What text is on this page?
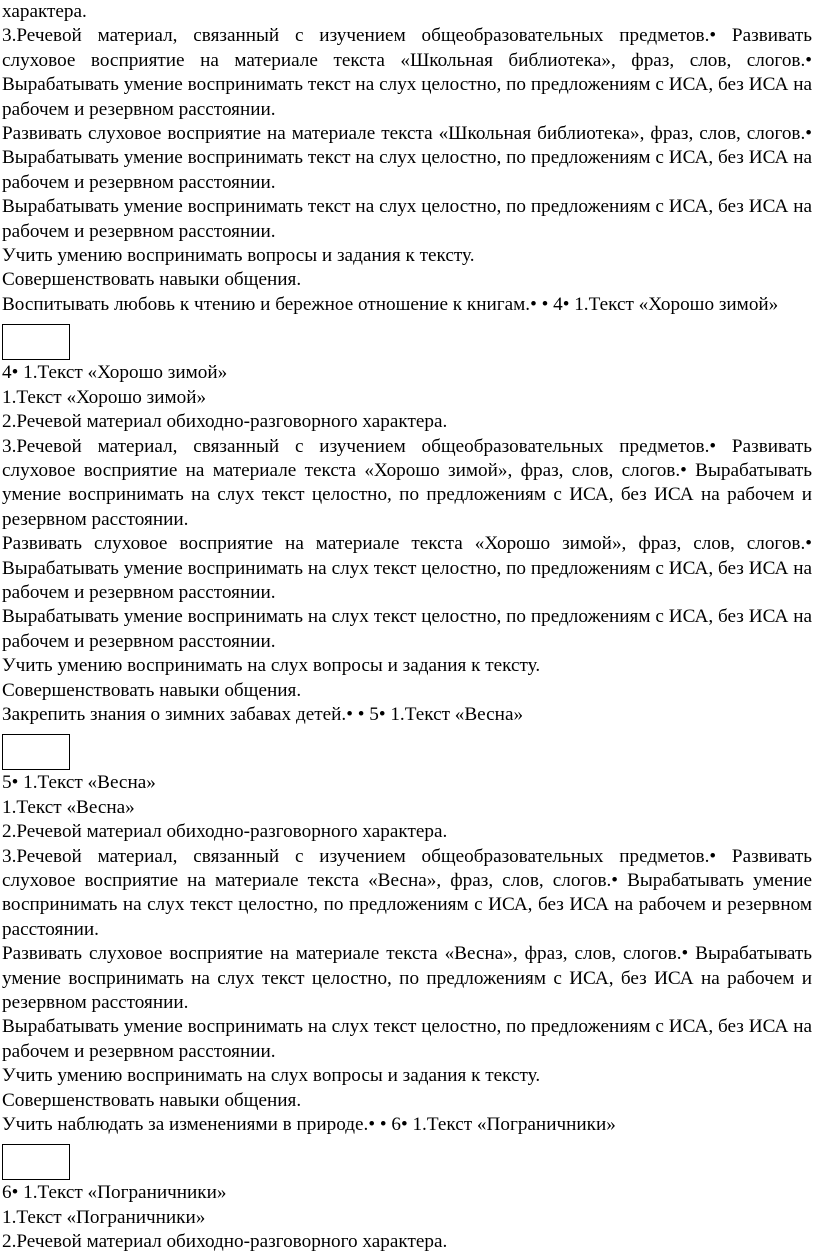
характера.

3.Речевой материал, связанный с изучением общеобразовательных предметов.• Развивать слуховое восприятие на материале текста «Школьная библиотека», фраз, слов, слогов.• Вырабатывать умение воспринимать текст на слух целостно, по предложениям с ИСА, без ИСА на рабочем и резервном расстоянии.

Развивать слуховое восприятие на материале текста «Школьная библиотека», фраз, слов, слогов.• Вырабатывать умение воспринимать текст на слух целостно, по предложениям с ИСА, без ИСА на рабочем и резервном расстоянии.

Вырабатывать умение воспринимать текст на слух целостно, по предложениям с ИСА, без ИСА на рабочем и резервном расстоянии.

Учить умению воспринимать вопросы и задания к тексту.

Совершенствовать навыки общения.

Воспитывать любовь к чтению и бережное отношение к книгам.• • 4• 1.Текст «Хорошо зимой»

4• 1.Текст «Хорошо зимой»

1.Текст «Хорошо зимой»

2.Речевой материал обиходно-разговорного характера.

3.Речевой материал, связанный с изучением общеобразовательных предметов.• Развивать слуховое восприятие на материале текста «Хорошо зимой», фраз, слов, слогов.• Вырабатывать умение воспринимать на слух текст целостно, по предложениям с ИСА, без ИСА на рабочем и резервном расстоянии.

Развивать слуховое восприятие на материале текста «Хорошо зимой», фраз, слов, слогов.• Вырабатывать умение воспринимать на слух текст целостно, по предложениям с ИСА, без ИСА на рабочем и резервном расстоянии.

Вырабатывать умение воспринимать на слух текст целостно, по предложениям с ИСА, без ИСА на рабочем и резервном расстоянии.

Учить умению воспринимать на слух вопросы и задания к тексту.

Совершенствовать навыки общения.

Закрепить знания о зимних забавах детей.• • 5• 1.Текст «Весна»

5• 1.Текст «Весна»

1.Текст «Весна»

2.Речевой материал обиходно-разговорного характера.

3.Речевой материал, связанный с изучением общеобразовательных предметов.• Развивать слуховое восприятие на материале текста «Весна», фраз, слов, слогов.• Вырабатывать умение воспринимать на слух текст целостно, по предложениям с ИСА, без ИСА на рабочем и резервном расстоянии.

Развивать слуховое восприятие на материале текста «Весна», фраз, слов, слогов.• Вырабатывать умение воспринимать на слух текст целостно, по предложениям с ИСА, без ИСА на рабочем и резервном расстоянии.

Вырабатывать умение воспринимать на слух текст целостно, по предложениям с ИСА, без ИСА на рабочем и резервном расстоянии.

Учить умению воспринимать на слух вопросы и задания к тексту.

Совершенствовать навыки общения.

Учить наблюдать за изменениями в природе.• • 6• 1.Текст «Пограничники»

6• 1.Текст «Пограничники»

1.Текст «Пограничники»

2.Речевой материал обиходно-разговорного характера.
